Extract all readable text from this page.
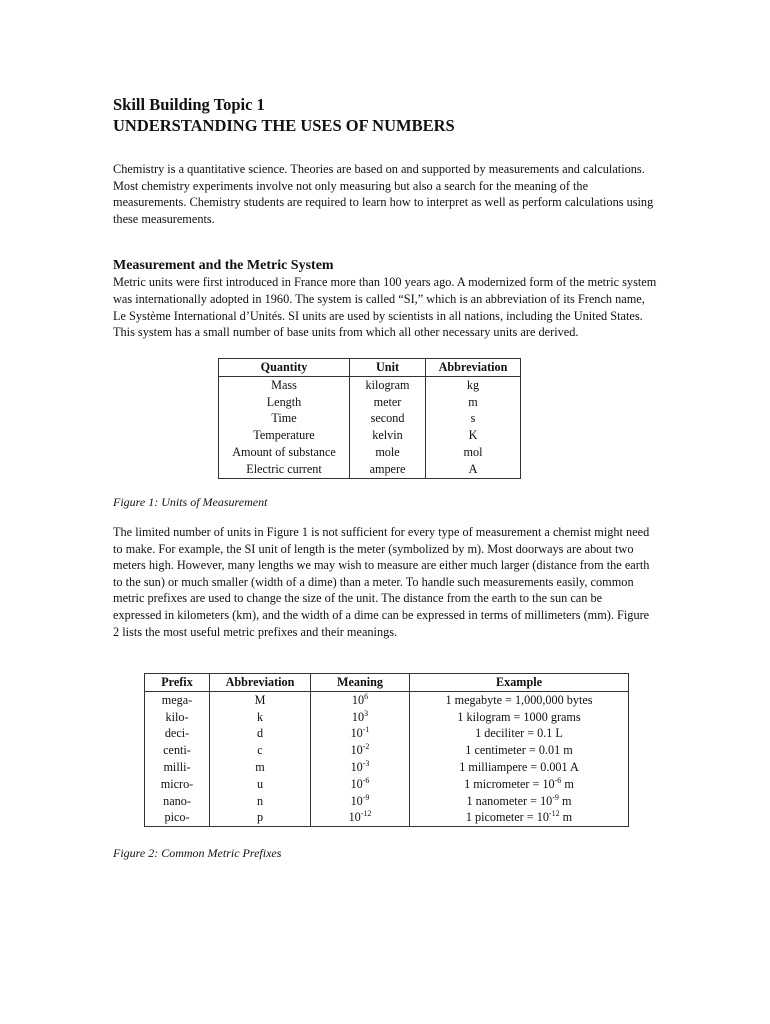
Skill Building Topic 1
UNDERSTANDING THE USES OF NUMBERS

Chemistry is a quantitative science. Theories are based on and supported by measurements and calculations. Most chemistry experiments involve not only measuring but also a search for the meaning of the measurements. Chemistry students are required to learn how to interpret as well as perform calculations using these measurements.

Measurement and the Metric System

Metric units were first introduced in France more than 100 years ago. A modernized form of the metric system was internationally adopted in 1960. The system is called “SI,” which is an abbreviation of its French name, Le Système International d’Unités. SI units are used by scientists in all nations, including the United States. This system has a small number of base units from which all other necessary units are derived.

Quantity	Unit	Abbreviation
Mass	kilogram	kg
Length	meter	m
Time	second	s
Temperature	kelvin	K
Amount of substance	mole	mol
Electric current	ampere	A

Figure 1: Units of Measurement

The limited number of units in Figure 1 is not sufficient for every type of measurement a chemist might need to make. For example, the SI unit of length is the meter (symbolized by m). Most doorways are about two meters high. However, many lengths we may wish to measure are either much larger (distance from the earth to the sun) or much smaller (width of a dime) than a meter. To handle such measurements easily, common metric prefixes are used to change the size of the unit. The distance from the earth to the sun can be expressed in kilometers (km), and the width of a dime can be expressed in terms of millimeters (mm). Figure 2 lists the most useful metric prefixes and their meanings.

Prefix	Abbreviation	Meaning	Example
mega-	M	$10^6$	1 megabyte = 1,000,000 bytes
kilo-	k	$10^3$	1 kilogram = 1000 grams
deci-	d	$10^{-1}$	1 deciliter = 0.1 L
centi-	c	$10^{-2}$	1 centimeter = 0.01 m
milli-	m	$10^{-3}$	1 milliampere = 0.001 A
micro-	u	$10^{-6}$	1 micrometer = $10^{-6}$ m
nano-	n	$10^{-9}$	1 nanometer = $10^{-9}$ m
pico-	p	$10^{-12}$	1 picometer = $10^{-12}$ m

Figure 2: Common Metric Prefixes
